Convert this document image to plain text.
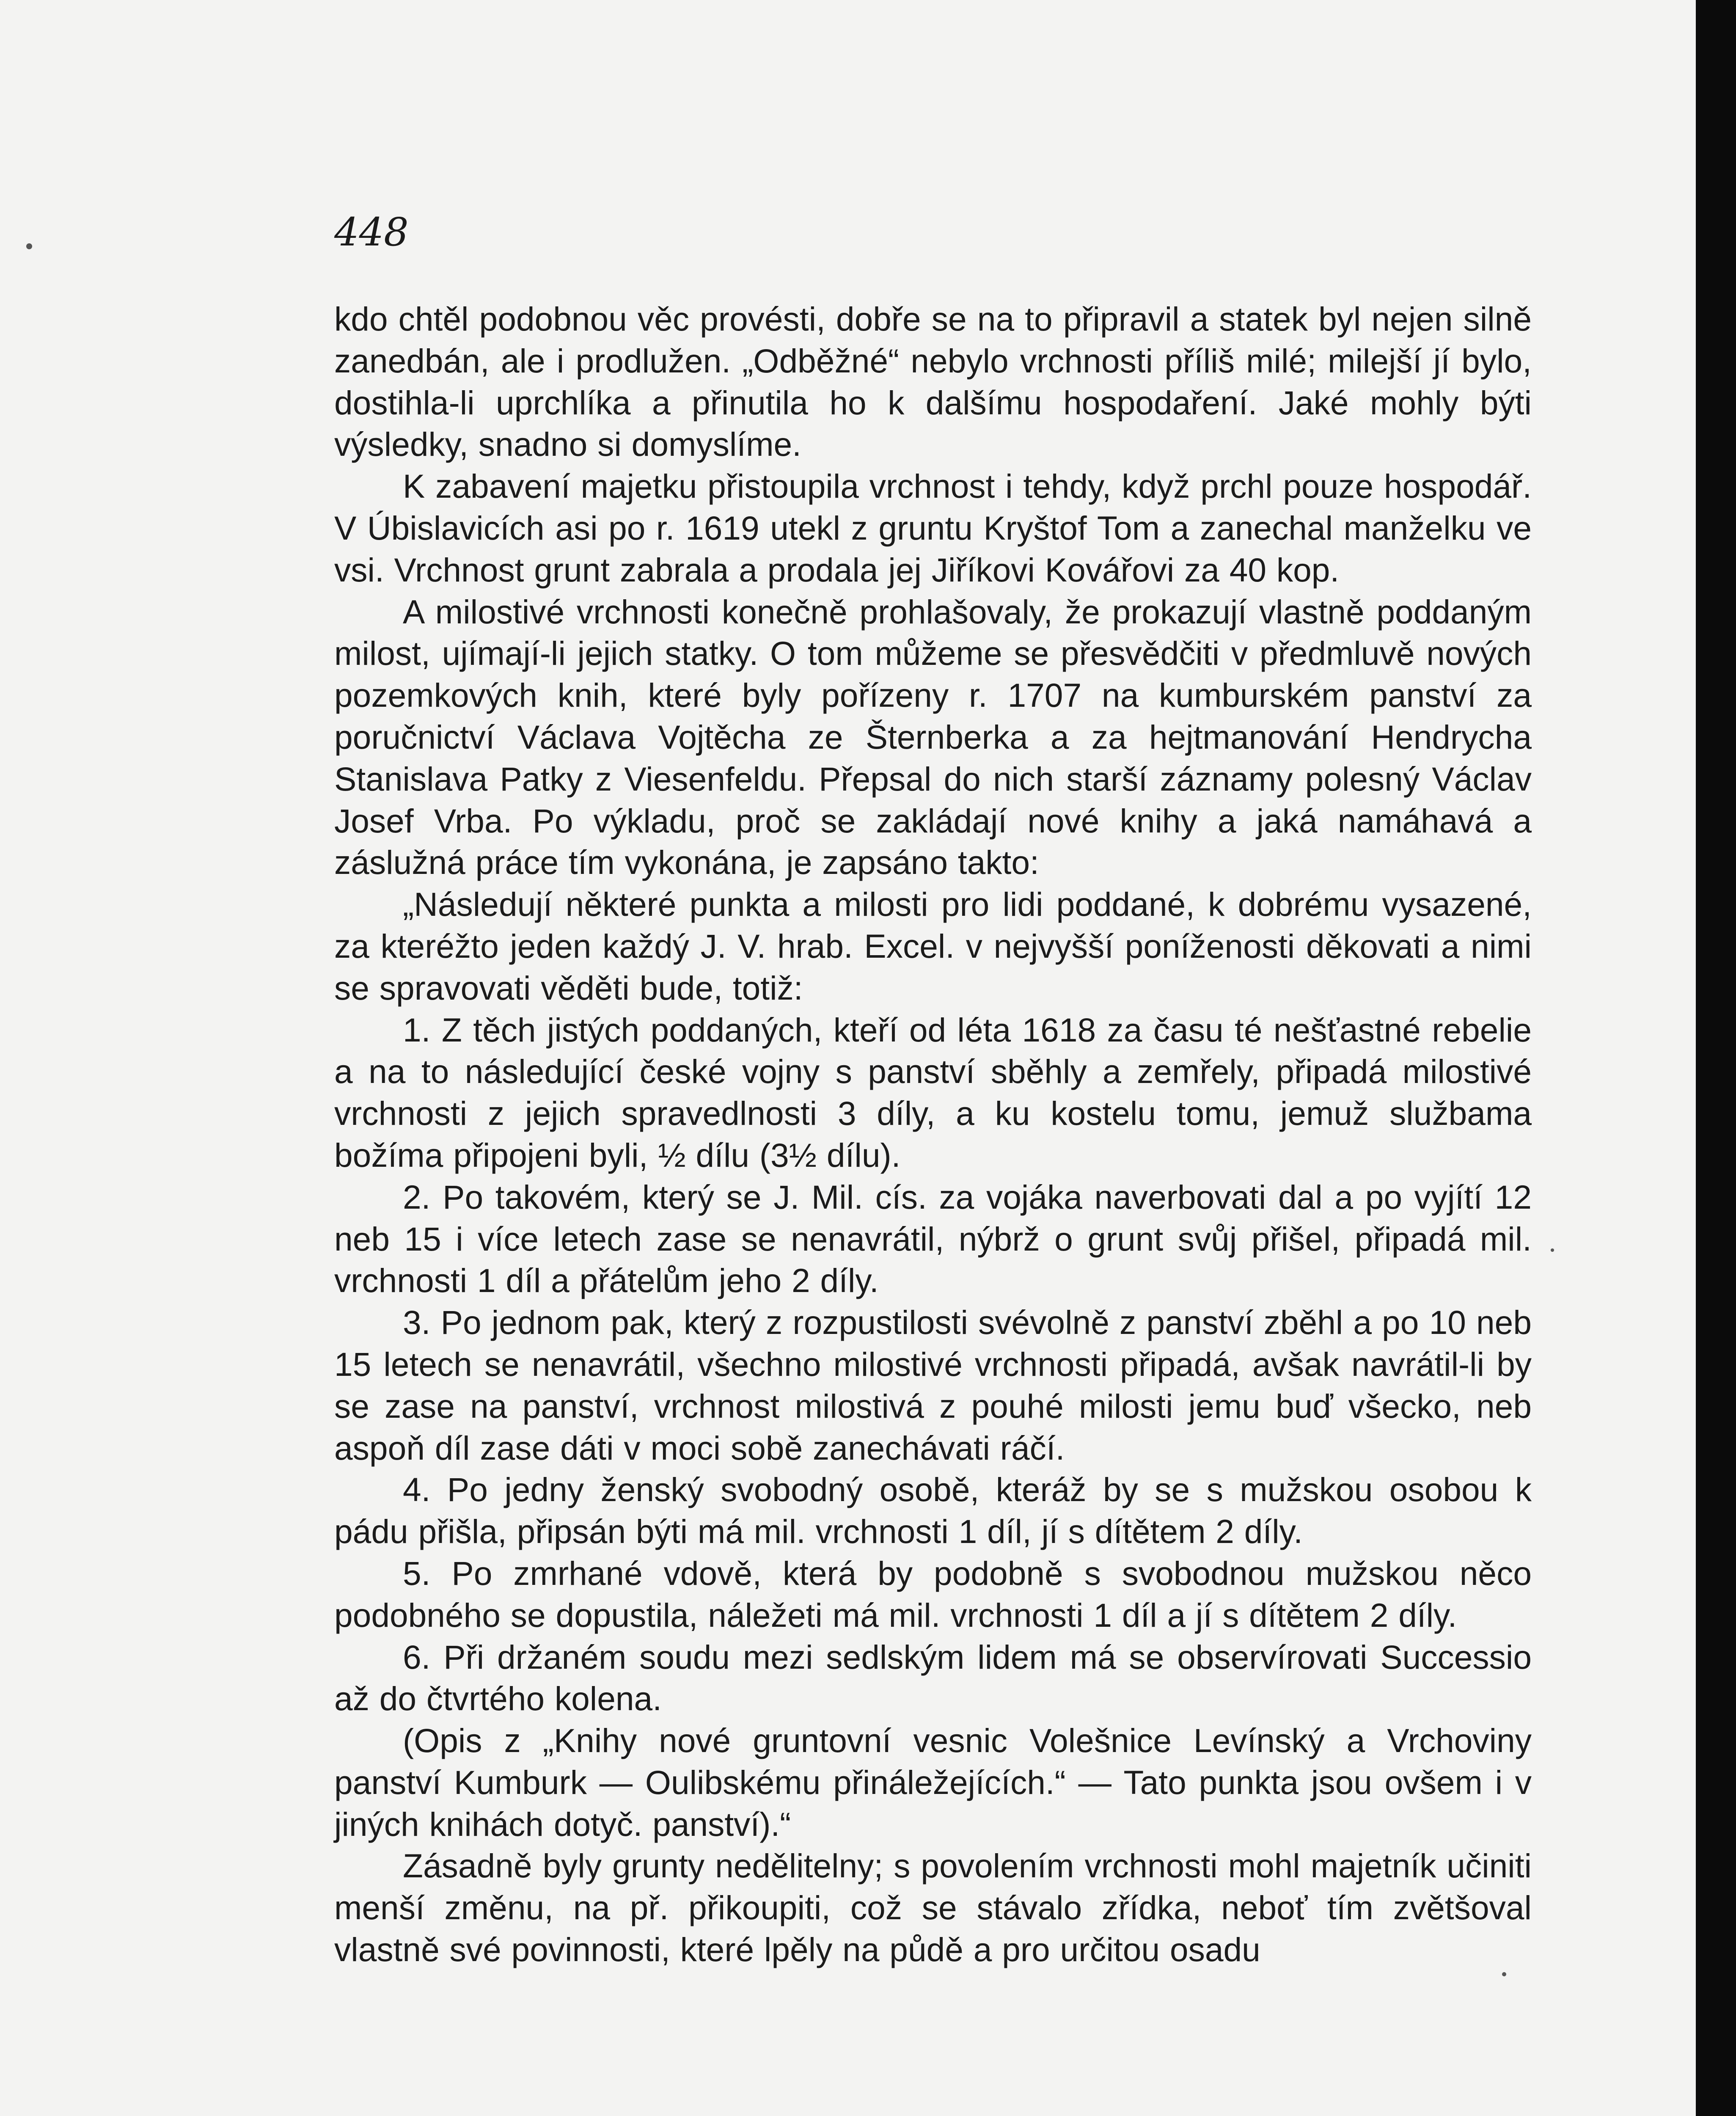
448

kdo chtěl podobnou věc provésti, dobře se na to připravil a statek byl nejen silně zanedbán, ale i prodlužen. „Odběžné“ nebylo vrchnosti příliš milé; milejší jí bylo, dostihla-li uprchlíka a přinutila ho k dalšímu hospodaření. Jaké mohly býti výsledky, snadno si domyslíme.

K zabavení majetku přistoupila vrchnost i tehdy, když prchl pouze hospodář. V Úbislavicích asi po r. 1619 utekl z gruntu Kryštof Tom a zanechal manželku ve vsi. Vrchnost grunt zabrala a prodala jej Jiříkovi Kovářovi za 40 kop.

A milostivé vrchnosti konečně prohlašovaly, že prokazují vlastně poddaným milost, ujímají-li jejich statky. O tom můžeme se přesvědčiti v předmluvě nových pozemkových knih, které byly pořízeny r. 1707 na kumburském panství za poručnictví Václava Vojtěcha ze Šternberka a za hejtmanování Hendrycha Stanislava Patky z Viesenfeldu. Přepsal do nich starší záznamy polesný Václav Josef Vrba. Po výkladu, proč se zakládají nové knihy a jaká namáhavá a záslužná práce tím vykonána, je zapsáno takto:

„Následují některé punkta a milosti pro lidi poddané, k dobrému vysazené, za kteréžto jeden každý J. V. hrab. Excel. v nejvyšší poníženosti děkovati a nimi se spravovati věděti bude, totiž:

1. Z těch jistých poddaných, kteří od léta 1618 za času té nešťastné rebelie a na to následující české vojny s panství sběhly a zemřely, připadá milostivé vrchnosti z jejich spravedlnosti 3 díly, a ku kostelu tomu, jemuž službama božíma připojeni byli, ½ dílu (3½ dílu).

2. Po takovém, který se J. Mil. cís. za vojáka naverbovati dal a po vyjítí 12 neb 15 i více letech zase se nenavrátil, nýbrž o grunt svůj přišel, připadá mil. vrchnosti 1 díl a přátelům jeho 2 díly.

3. Po jednom pak, který z rozpustilosti svévolně z panství zběhl a po 10 neb 15 letech se nenavrátil, všechno milostivé vrchnosti připadá, avšak navrátil-li by se zase na panství, vrchnost milostivá z pouhé milosti jemu buď všecko, neb aspoň díl zase dáti v moci sobě zanechávati ráčí.

4. Po jedny ženský svobodný osobě, kteráž by se s mužskou osobou k pádu přišla, připsán býti má mil. vrchnosti 1 díl, jí s dítětem 2 díly.

5. Po zmrhané vdově, která by podobně s svobodnou mužskou něco podobného se dopustila, náležeti má mil. vrchnosti 1 díl a jí s dítětem 2 díly.

6. Při držaném soudu mezi sedlským lidem má se observírovati Successio až do čtvrtého kolena.

(Opis z „Knihy nové gruntovní vesnic Volešnice Levínský a Vrchoviny panství Kumburk — Oulibskému přináležejících.“ — Tato punkta jsou ovšem i v jiných knihách dotyč. panství).“

Zásadně byly grunty nedělitelny; s povolením vrchnosti mohl majetník učiniti menší změnu, na př. přikoupiti, což se stávalo zřídka, neboť tím zvětšoval vlastně své povinnosti, které lpěly na půdě a pro určitou osadu
